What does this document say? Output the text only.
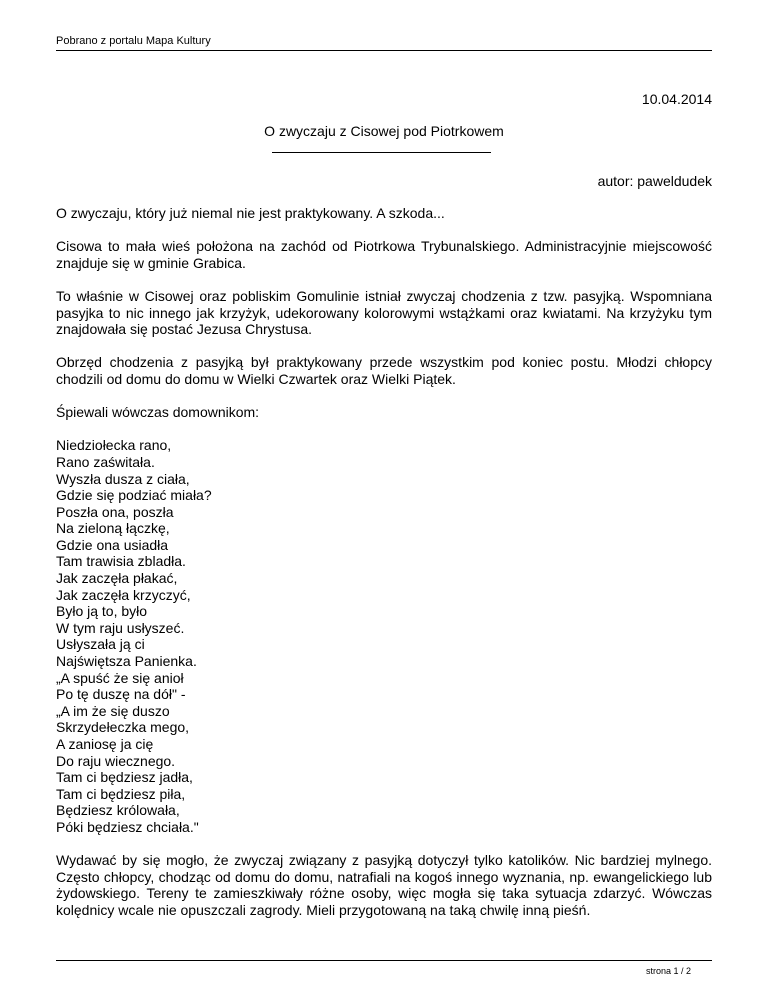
Pobrano z portalu Mapa Kultury
10.04.2014
O zwyczaju z Cisowej pod Piotrkowem
autor: paweldudek

O zwyczaju, który już niemal nie jest praktykowany. A szkoda...

Cisowa to mała wieś położona na zachód od Piotrkowa Trybunalskiego. Administracyjnie miejscowość znajduje się w gminie Grabica.

To właśnie w Cisowej oraz pobliskim Gomulinie istniał zwyczaj chodzenia z tzw. pasyjką. Wspomniana pasyjka to nic innego jak krzyżyk, udekorowany kolorowymi wstążkami oraz kwiatami. Na krzyżyku tym znajdowała się postać Jezusa Chrystusa.

Obrzęd chodzenia z pasyjką był praktykowany przede wszystkim pod koniec postu. Młodzi chłopcy chodzili od domu do domu w Wielki Czwartek oraz Wielki Piątek.

Śpiewali wówczas domownikom:

Niedziołecka rano,
Rano zaświtała.
Wyszła dusza z ciała,
Gdzie się podziać miała?
Poszła ona, poszła
Na zieloną łączkę,
Gdzie ona usiadła
Tam trawisia zbladła.
Jak zaczęła płakać,
Jak zaczęła krzyczyć,
Było ją to, było
W tym raju usłyszeć.
Usłyszała ją ci
Najświętsza Panienka.
„A spuść że się anioł
Po tę duszę na dół" -
„A im że się duszo
Skrzydełeczka mego,
A zaniosę ja cię
Do raju wiecznego.
Tam ci będziesz jadła,
Tam ci będziesz piła,
Będziesz królowała,
Póki będziesz chciała."

Wydawać by się mogło, że zwyczaj związany z pasyjką dotyczył tylko katolików. Nic bardziej mylnego. Często chłopcy, chodząc od domu do domu, natrafiali na kogoś innego wyznania, np. ewangelickiego lub żydowskiego. Tereny te zamieszkiwały różne osoby, więc mogła się taka sytuacja zdarzyć. Wówczas kolędnicy wcale nie opuszczali zagrody. Mieli przygotowaną na taką chwilę inną pieśń.

strona 1 / 2
